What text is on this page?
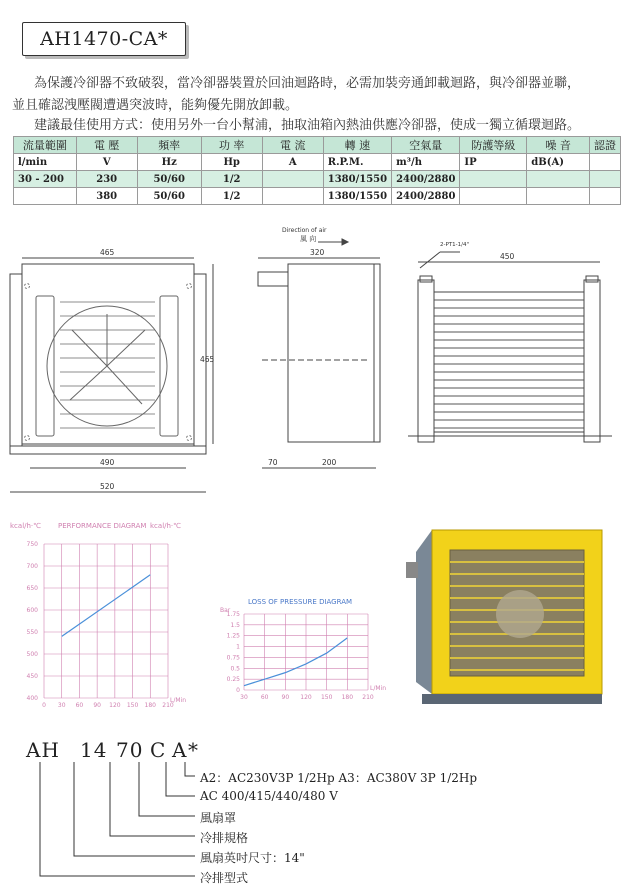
AH1470-CA*
為保護冷卻器不致破裂，當冷卻器裝置於回油迴路時，必需加裝旁通卸載迴路，與冷卻器並聯，
並且確認洩壓閥遭遇突波時，能夠優先開放卸載。
建議最佳使用方式：使用另外一台小幫浦，抽取油箱內熱油供應冷卻器，使成一獨立循環迴路。
流量範圍	電 壓	頻率	功 率	電 流	轉 速	空氣量	防護等級	噪 音	認證
l/min	V	Hz	Hp	A	R.P.M.	m³/h	IP	dB(A)	
30 - 200	230	50/60	1/2		1380/1550	2400/2880			
	380	50/60	1/2		1380/1550	2400/2880			
465
465
490
520
Direction of air
風 向
320
70	200
2-PT1-1/4"
450
kcal/h·℃ PERFORMANCE DIAGRAM kcal/h·℃
L/Min
750
700
650
600
550
500
450
400
0 30 60 90 120 150 180 210
LOSS OF PRESSURE DIAGRAM
Bar
L/Min
1.75
1.5
1.25
1
0.75
0.5
0.25
0
30 60 90 120 150 180 210
AH 14 70 C A *
A2：AC230V3P 1/2Hp A3：AC380V 3P 1/2Hp
AC 400/415/440/480 V
風扇罩
冷排規格
風扇英吋尺寸：14"
冷排型式
